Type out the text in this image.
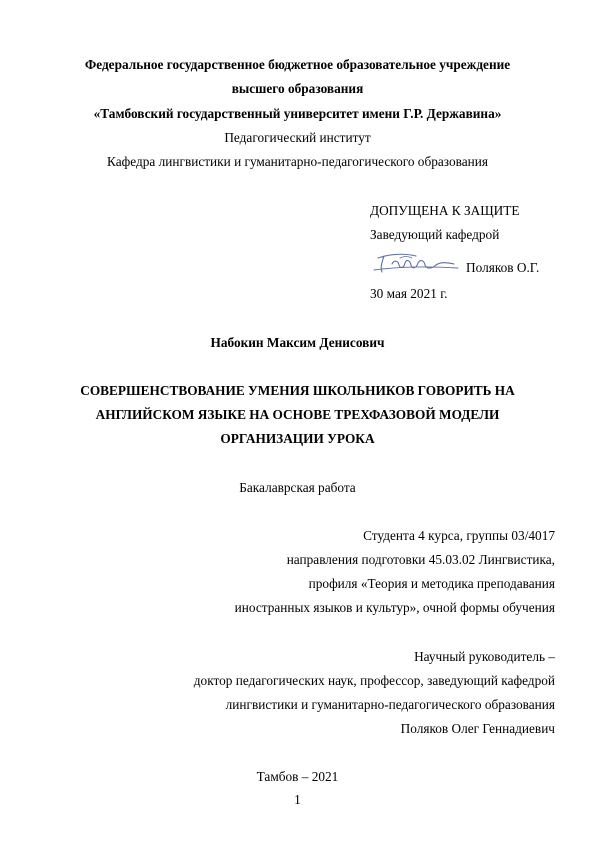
Федеральное государственное бюджетное образовательное учреждение
высшего образования
«Тамбовский государственный университет имени Г.Р. Державина»
Педагогический институт
Кафедра лингвистики и гуманитарно-педагогического образования
ДОПУЩЕНА К ЗАЩИТЕ
Заведующий кафедрой
Поляков О.Г.
30 мая 2021 г.
Набокин Максим Денисович
СОВЕРШЕНСТВОВАНИЕ УМЕНИЯ ШКОЛЬНИКОВ ГОВОРИТЬ НА
АНГЛИЙСКОМ ЯЗЫКЕ НА ОСНОВЕ ТРЕХФАЗОВОЙ МОДЕЛИ
ОРГАНИЗАЦИИ УРОКА
Бакалаврская работа
Студента 4 курса, группы 03/4017
направления подготовки 45.03.02 Лингвистика,
профиля «Теория и методика преподавания
иностранных языков и культур», очной формы обучения
Научный руководитель –
доктор педагогических наук, профессор, заведующий кафедрой
лингвистики и гуманитарно-педагогического образования
Поляков Олег Геннадиевич
Тамбов – 2021
1
